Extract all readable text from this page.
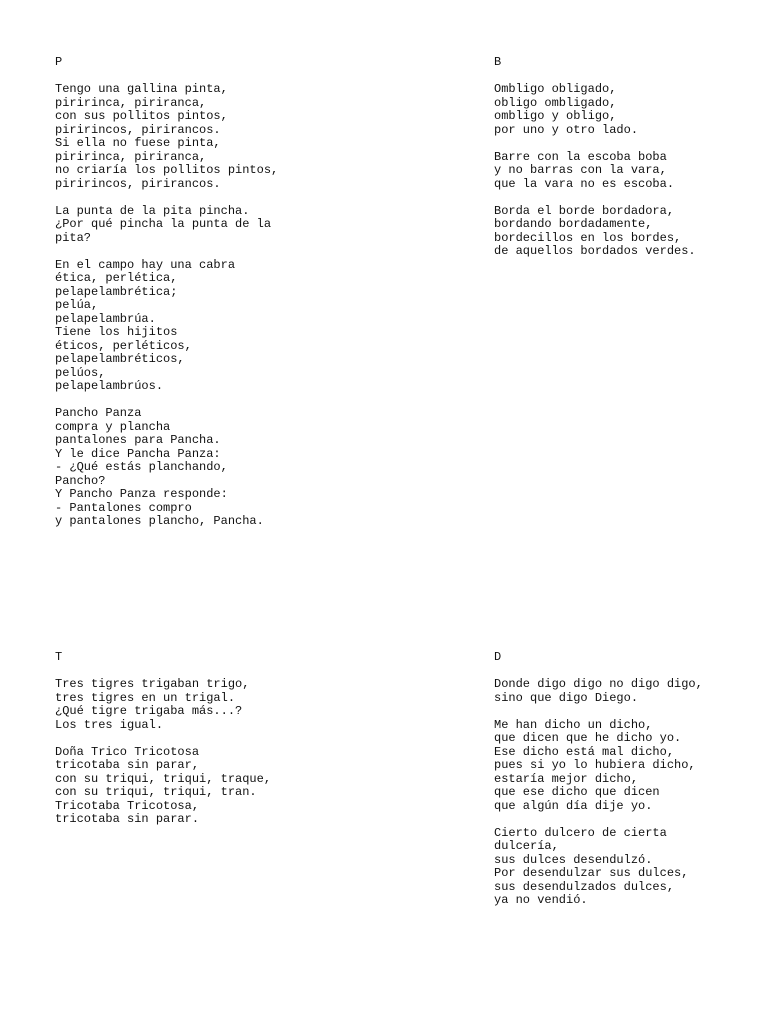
P

Tengo una gallina pinta,
piririnca, piriranca,
con sus pollitos pintos,
piririncos, pirirancos.
Si ella no fuese pinta,
piririnca, piriranca,
no criaría los pollitos pintos,
piririncos, pirirancos.
La punta de la pita pincha.
¿Por qué pincha la punta de la
pita?
En el campo hay una cabra
ética, perlética,
pelapelambrética;
pelúa,
pelapelambrúa.
Tiene los hijitos
éticos, perléticos,
pelapelambréticos,
pelúos,
pelapelambrúos.
Pancho Panza
compra y plancha
pantalones para Pancha.
Y le dice Pancha Panza:
- ¿Qué estás planchando,
Pancho?
Y Pancho Panza responde:
- Pantalones compro
y pantalones plancho, Pancha.

B

Ombligo obligado,
obligo ombligado,
ombligo y obligo,
por uno y otro lado.
Barre con la escoba boba
y no barras con la vara,
que la vara no es escoba.
Borda el borde bordadora,
bordando bordadamente,
bordecillos en los bordes,
de aquellos bordados verdes.

T

Tres tigres trigaban trigo,
tres tigres en un trigal.
¿Qué tigre trigaba más...?
Los tres igual.
Doña Trico Tricotosa
tricotaba sin parar,
con su triqui, triqui, traque,
con su triqui, triqui, tran.
Tricotaba Tricotosa,
tricotaba sin parar.

D

Donde digo digo no digo digo,
sino que digo Diego.
Me han dicho un dicho,
que dicen que he dicho yo.
Ese dicho está mal dicho,
pues si yo lo hubiera dicho,
estaría mejor dicho,
que ese dicho que dicen
que algún día dije yo.
Cierto dulcero de cierta
dulcería,
sus dulces desendulzó.
Por desendulzar sus dulces,
sus desendulzados dulces,
ya no vendió.
